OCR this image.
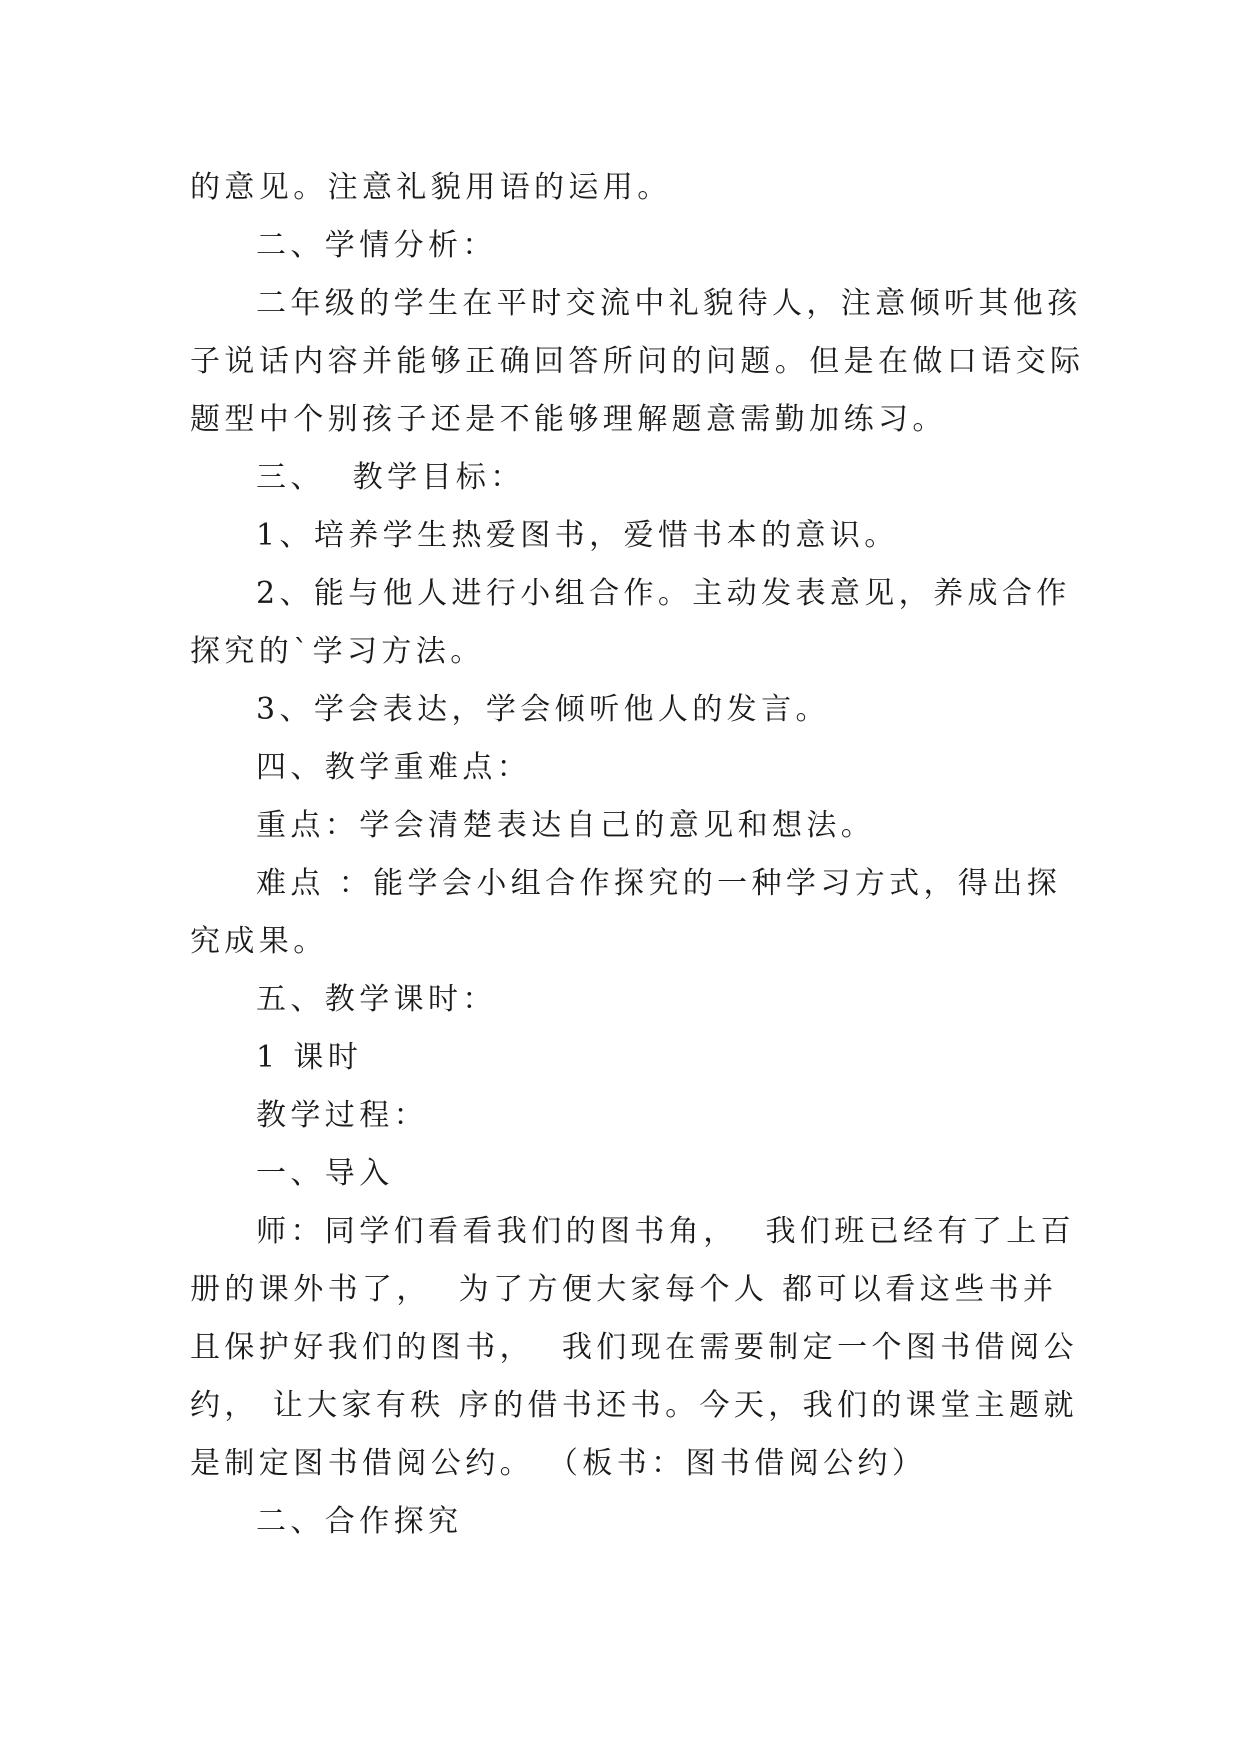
的意见。注意礼貌用语的运用。
二、学情分析：
二年级的学生在平时交流中礼貌待人，注意倾听其他孩
子说话内容并能够正确回答所问的问题。但是在做口语交际
题型中个别孩子还是不能够理解题意需勤加练习。
三、  教学目标：
1、培养学生热爱图书，爱惜书本的意识。
2、能与他人进行小组合作。主动发表意见，养成合作
探究的`学习方法。
3、学会表达，学会倾听他人的发言。
四、教学重难点：
重点：学会清楚表达自己的意见和想法。
难点 ：能学会小组合作探究的一种学习方式，得出探
究成果。
五、教学课时：
1 课时
教学过程：
一、导入
师：同学们看看我们的图书角，  我们班已经有了上百
册的课外书了，  为了方便大家每个人 都可以看这些书并
且保护好我们的图书，  我们现在需要制定一个图书借阅公
约， 让大家有秩 序的借书还书。今天，我们的课堂主题就
是制定图书借阅公约。 （板书：图书借阅公约）
二、合作探究
